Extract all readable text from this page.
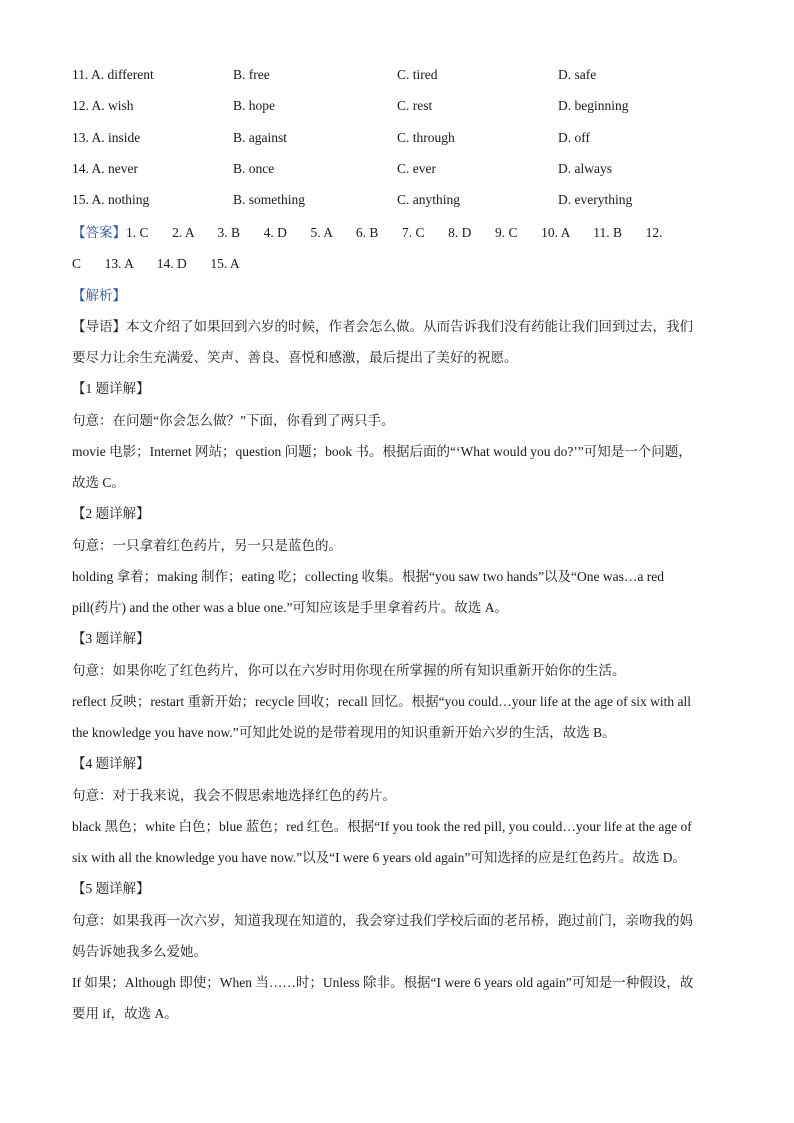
11. A. different	B. free	C. tired	D. safe
12. A. wish	B. hope	C. rest	D. beginning
13. A. inside	B. against	C. through	D. off
14. A. never	B. once	C. ever	D. always
15. A. nothing	B. something	C. anything	D. everything
【答案】1. C       2. A       3. B       4. D       5. A       6. B       7. C       8. D       9. C       10. A       11. B       12.
C       13. A       14. D       15. A
【解析】
【导语】本文介绍了如果回到六岁的时候，作者会怎么做。从而告诉我们没有药能让我们回到过去，我们
要尽力让余生充满爱、笑声、善良、喜悦和感激，最后提出了美好的祝愿。
【1 题详解】
句意：在问题“你会怎么做？”下面，你看到了两只手。
movie 电影；Internet 网站；question 问题；book 书。根据后面的“‘What would you do?’”可知是一个问题，
故选 C。
【2 题详解】
句意：一只拿着红色药片，另一只是蓝色的。
holding 拿着；making 制作；eating 吃；collecting 收集。根据“you saw two hands”以及“One was…a red
pill(药片) and the other was a blue one.”可知应该是手里拿着药片。故选 A。
【3 题详解】
句意：如果你吃了红色药片，你可以在六岁时用你现在所掌握的所有知识重新开始你的生活。
reflect 反映；restart 重新开始；recycle 回收；recall 回忆。根据“you could…your life at the age of six with all
the knowledge you have now.”可知此处说的是带着现用的知识重新开始六岁的生活，故选 B。
【4 题详解】
句意：对于我来说，我会不假思索地选择红色的药片。
black 黑色；white 白色；blue 蓝色；red 红色。根据“If you took the red pill, you could…your life at the age of
six with all the knowledge you have now.”以及“I were 6 years old again”可知选择的应是红色药片。故选 D。
【5 题详解】
句意：如果我再一次六岁，知道我现在知道的，我会穿过我们学校后面的老吊桥，跑过前门，亲吻我的妈
妈告诉她我多么爱她。
If 如果；Although 即使；When 当……时；Unless 除非。根据“I were 6 years old again”可知是一种假设，故
要用 if，故选 A。
